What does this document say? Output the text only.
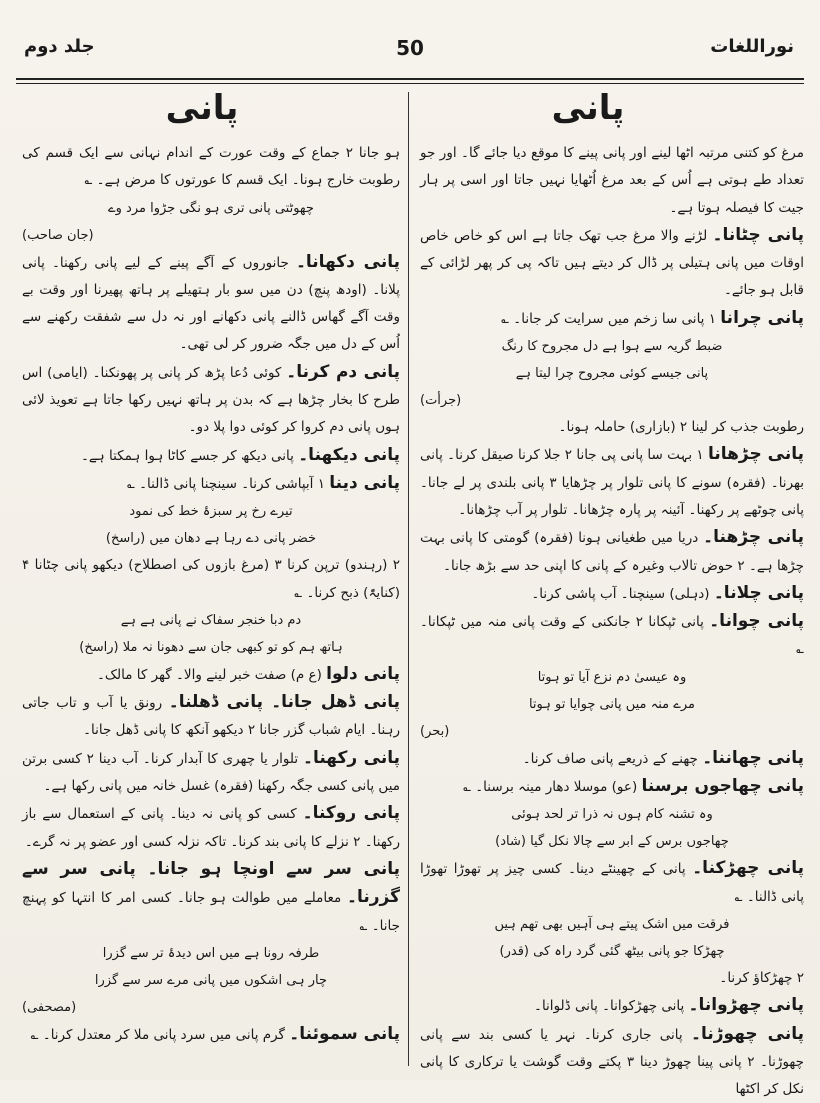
جلد دوم	50	نوراللغات
پانی
پانی

مرغ کو کتنی مرتبہ اٹھا لینے اور پانی پینے کا موقع دیا جائے گا۔ اور جو تعداد طے ہوتی ہے اُس کے بعد مرغ اُٹھایا نہیں جاتا اور اسی پر ہار جیت کا فیصلہ ہوتا ہے۔

پانی چٹانا۔ لڑنے والا مرغ جب تھک جاتا ہے اس کو خاص خاص اوقات میں پانی ہتیلی پر ڈال کر دیتے ہیں تاکہ پی کر پھر لڑائی کے قابل ہو جائے۔

پانی چرانا ۱ پانی سا زخم میں سرایت کر جانا۔ ؎

ضبط گریہ سے ہوا ہے دل مجروح کا رنگ

پانی جیسے کوئی مجروح چرا لیتا ہے

(جرأت)

رطوبت جذب کر لینا ۲ (بازاری) حاملہ ہونا۔

پانی چڑھانا ۱ بہت سا پانی پی جانا ۲ جلا کرنا صیقل کرنا۔ پانی بھرنا۔ (فقرہ) سونے کا پانی تلوار پر چڑھایا ۳ پانی بلندی پر لے جانا۔ پانی چوٹھے پر رکھنا۔ آئینہ پر پارہ چڑھانا۔ تلوار پر آب چڑھانا۔

پانی چڑھنا۔ دریا میں طغیانی ہونا (فقرہ) گومتی کا پانی بہت چڑھا ہے۔ ۲ حوض تالاب وغیرہ کے پانی کا اپنی حد سے بڑھ جانا۔

پانی چلانا۔ (دہلی) سینچنا۔ آب پاشی کرنا۔

پانی چوانا۔ پانی ٹپکانا ۲ جانکنی کے وقت پانی منہ میں ٹپکانا۔ ؎

وہ عیسیٰ دم نزع آیا تو ہوتا

مرے منہ میں پانی چوایا تو ہوتا

(بحر)

پانی چھاننا۔ چھنے کے ذریعے پانی صاف کرنا۔

پانی چھاجوں برسنا (عو) موسلا دھار مینہ برسنا۔ ؎

وہ تشنہ کام ہوں نہ ذرا تر لحد ہوئی

چھاجوں برس کے ابر سے چالا نکل گیا (شاد)

پانی چھڑکنا۔ پانی کے چھینٹے دینا۔ کسی چیز پر تھوڑا تھوڑا پانی ڈالنا۔ ؎

فرقت میں اشک پیتے ہی آہیں بھی تھم ہیں

چھڑکا جو پانی بیٹھ گئی گرد راہ کی (قدر)

۲ چھڑکاؤ کرنا۔

پانی چھڑوانا۔ پانی چھڑکوانا۔ پانی ڈلوانا۔

پانی چھوڑنا۔ پانی جاری کرنا۔ نہر یا کسی بند سے پانی چھوڑنا۔ ۲ پانی پینا چھوڑ دینا ۳ پکتے وقت گوشت یا ترکاری کا پانی نکل کر اکٹھا

ہو جانا ۲ جماع کے وقت عورت کے اندام نہانی سے ایک قسم کی رطوبت خارج ہونا۔ ایک قسم کا عورتوں کا مرض ہے۔ ؎

چھوٹتی پانی تری ہو نگی جڑوا مرد وے

(جان صاحب)

پانی دکھانا۔ جانوروں کے آگے پینے کے لیے پانی رکھنا۔ پانی پلانا۔ (اودھ پنچ) دن میں سو بار ہتھیلے پر ہاتھ پھیرنا اور وقت بے وقت آگے گھاس ڈالنے پانی دکھانے اور نہ دل سے شفقت رکھنے سے اُس کے دل میں جگہ ضرور کر لی تھی۔

پانی دم کرنا۔ کوئی دُعا پڑھ کر پانی پر پھونکنا۔ (ایامی) اس طرح کا بخار چڑھا ہے کہ بدن پر ہاتھ نہیں رکھا جاتا ہے تعویذ لائی ہوں پانی دم کروا کر کوئی دوا پلا دو۔

پانی دیکھنا۔ پانی دیکھ کر جسے کاٹا ہوا ہمکتا ہے۔

پانی دینا ۱ آبپاشی کرنا۔ سینچنا پانی ڈالنا۔ ؎

تیرے رخ پر سبزۂ خط کی نمود

خضر پانی دے رہا ہے دھان میں (راسخ)

۲ (رہندو) ترپن کرنا ۳ (مرغ بازوں کی اصطلاح) دیکھو پانی چٹانا ۴ (کنایۃً) ذبح کرنا۔ ؎

دم دبا خنجر سفاک نے پانی ہے ہے

ہاتھ ہم کو تو کبھی جان سے دھونا نہ ملا (راسخ)

پانی دلوا (ع م) صفت خبر لینے والا۔ گھر کا مالک۔

پانی ڈھل جانا۔ پانی ڈھلنا۔ رونق یا آب و تاب جاتی رہنا۔ ایام شباب گزر جانا ۲ دیکھو آنکھ کا پانی ڈھل جانا۔

پانی رکھنا۔ تلوار یا چھری کا آبدار کرنا۔ آب دینا ۲ کسی برتن میں پانی کسی جگہ رکھنا (فقرہ) غسل خانہ میں پانی رکھا ہے۔

پانی روکنا۔ کسی کو پانی نہ دینا۔ پانی کے استعمال سے باز رکھنا۔ ۲ نزلے کا پانی بند کرنا۔ تاکہ نزلہ کسی اور عضو پر نہ گرے۔

پانی سر سے اونچا ہو جانا۔ پانی سر سے گزرنا۔ معاملے میں طوالت ہو جانا۔ کسی امر کا انتہا کو پہنچ جانا۔ ؎

طرفہ رونا ہے میں اس دیدۂ تر سے گزرا

چار ہی اشکوں میں پانی مرے سر سے گزرا

(مصحفی)

پانی سموئنا۔ گرم پانی میں سرد پانی ملا کر معتدل کرنا۔ ؎
